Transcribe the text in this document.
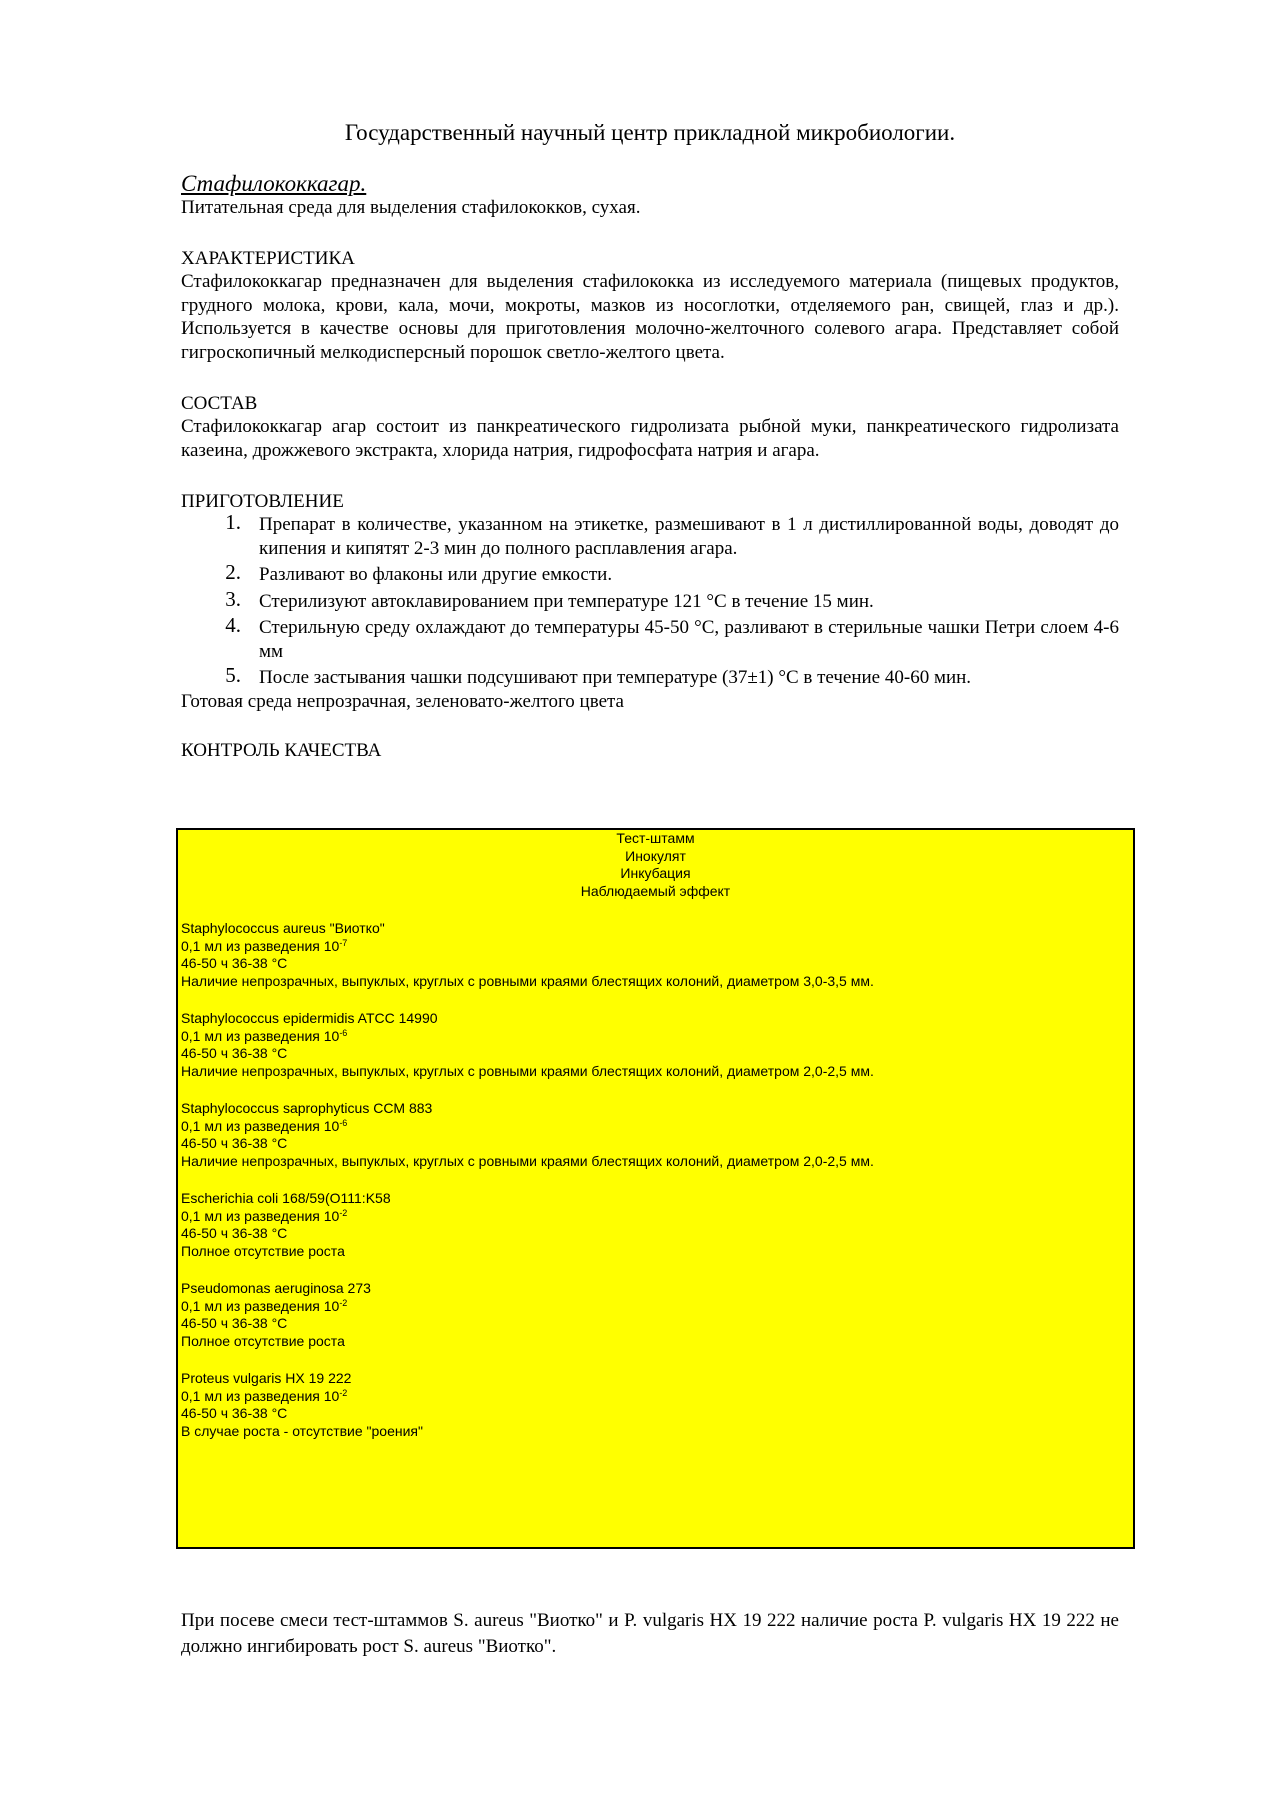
Государственный научный центр прикладной микробиологии.

Стафилококкагар.

Питательная среда для выделения стафилококков, сухая.

ХАРАКТЕРИСТИКА

Стафилококкагар предназначен для выделения стафилококка из исследуемого материала (пищевых продуктов, грудного молока, крови, кала, мочи, мокроты, мазков из носоглотки, отделяемого ран, свищей, глаз и др.). Используется в качестве основы для приготовления молочно-желточного солевого агара. Представляет собой гигроскопичный мелкодисперсный порошок светло-желтого цвета.

СОСТАВ

Стафилококкагар агар состоит из панкреатического гидролизата рыбной муки, панкреатического гидролизата казеина, дрожжевого экстракта, хлорида натрия, гидрофосфата натрия и агара.

ПРИГОТОВЛЕНИЕ

1. Препарат в количестве, указанном на этикетке, размешивают в 1 л дистиллированной воды, доводят до кипения и кипятят 2-3 мин до полного расплавления агара.
2. Разливают во флаконы или другие емкости.
3. Стерилизуют автоклавированием при температуре 121 °С в течение 15 мин.
4. Стерильную среду охлаждают до температуры 45-50 °С, разливают в стерильные чашки Петри слоем 4-6 мм
5. После застывания чашки подсушивают при температуре (37±1) °С в течение 40-60 мин.

Готовая среда непрозрачная, зеленовато-желтого цвета

КОНТРОЛЬ КАЧЕСТВА

Тест-штамм
Инокулят
Инкубация
Наблюдаемый эффект
Staphylococcus aureus "Виотко"
0,1 мл из разведения $10^{-7}$
46-50 ч 36-38 °С
Наличие непрозрачных, выпуклых, круглых с ровными краями блестящих колоний, диаметром 3,0-3,5 мм.
Staphylococcus epidermidis ATCC 14990
0,1 мл из разведения $10^{-6}$
46-50 ч 36-38 °С
Наличие непрозрачных, выпуклых, круглых с ровными краями блестящих колоний, диаметром 2,0-2,5 мм.
Staphylococcus saprophyticus CCM 883
0,1 мл из разведения $10^{-6}$
46-50 ч 36-38 °С
Наличие непрозрачных, выпуклых, круглых с ровными краями блестящих колоний, диаметром 2,0-2,5 мм.
Escherichia coli 168/59(O111:K58
0,1 мл из разведения $10^{-2}$
46-50 ч 36-38 °С
Полное отсутствие роста
Pseudomonas aeruginosa 273
0,1 мл из разведения $10^{-2}$
46-50 ч 36-38 °С
Полное отсутствие роста
Proteus vulgaris HX 19 222
0,1 мл из разведения $10^{-2}$
46-50 ч 36-38 °С
В случае роста - отсутствие "роения"

При посеве смеси тест-штаммов S. aureus "Виотко" и P. vulgaris HX 19 222 наличие роста P. vulgaris HX 19 222 не должно ингибировать рост S. aureus "Виотко".
